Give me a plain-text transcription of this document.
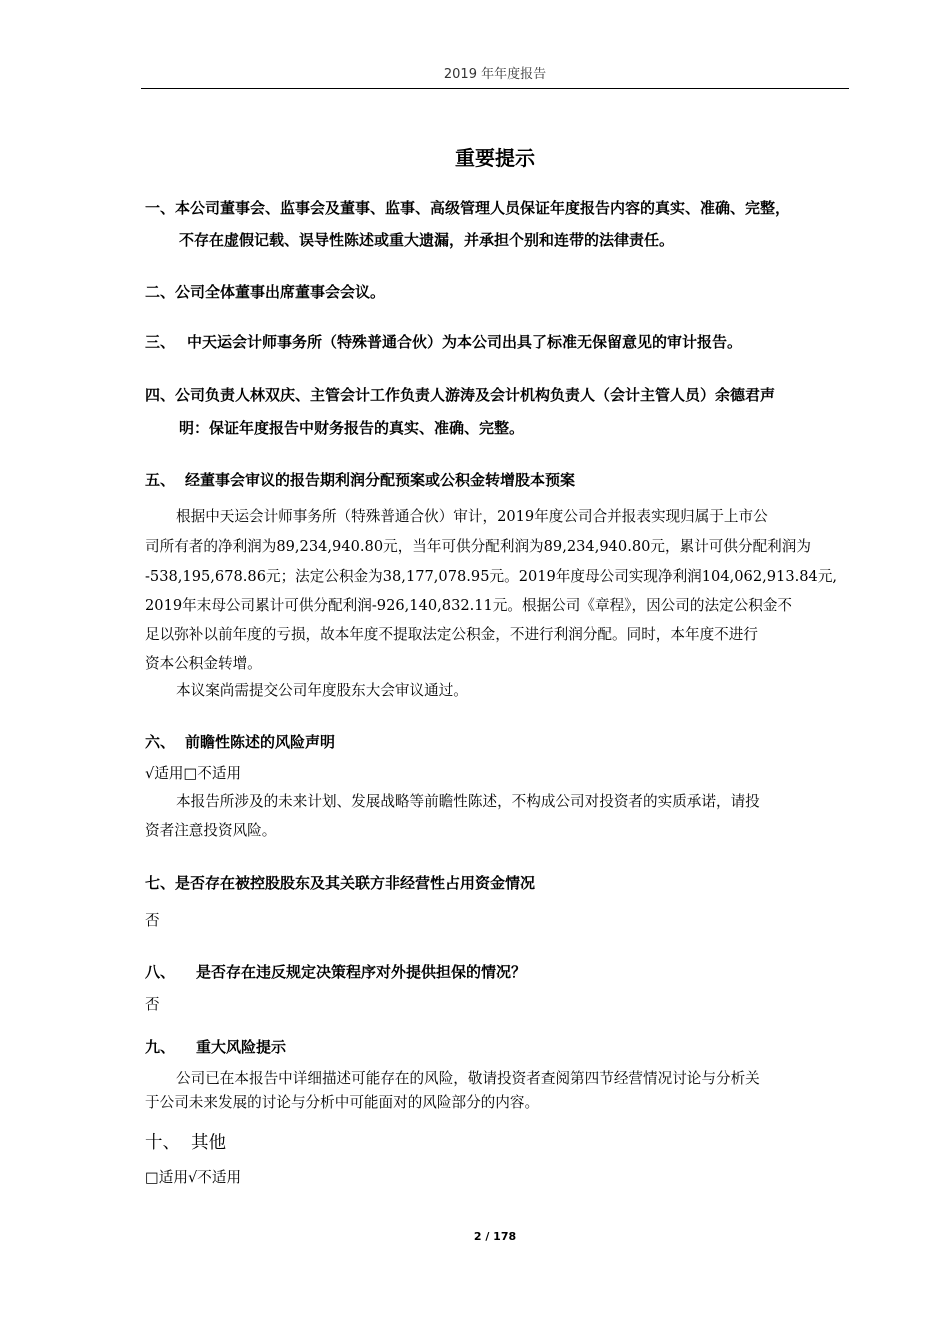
2019 年年度报告
重要提示
一、本公司董事会、监事会及董事、监事、高级管理人员保证年度报告内容的真实、准确、完整，
不存在虚假记载、误导性陈述或重大遗漏，并承担个别和连带的法律责任。
二、公司全体董事出席董事会会议。
三、 中天运会计师事务所（特殊普通合伙）为本公司出具了标准无保留意见的审计报告。
四、公司负责人林双庆、主管会计工作负责人游涛及会计机构负责人（会计主管人员）余德君声
明：保证年度报告中财务报告的真实、准确、完整。
五、 经董事会审议的报告期利润分配预案或公积金转增股本预案
根据中天运会计师事务所（特殊普通合伙）审计，2019年度公司合并报表实现归属于上市公
司所有者的净利润为89,234,940.80元，当年可供分配利润为89,234,940.80元，累计可供分配利润为
-538,195,678.86元；法定公积金为38,177,078.95元。2019年度母公司实现净利润104,062,913.84元,
2019年末母公司累计可供分配利润-926,140,832.11元。根据公司《章程》，因公司的法定公积金不
足以弥补以前年度的亏损，故本年度不提取法定公积金，不进行利润分配。同时，本年度不进行
资本公积金转增。
本议案尚需提交公司年度股东大会审议通过。
六、 前瞻性陈述的风险声明
√适用□不适用
本报告所涉及的未来计划、发展战略等前瞻性陈述，不构成公司对投资者的实质承诺，请投
资者注意投资风险。
七、是否存在被控股股东及其关联方非经营性占用资金情况
否
八、 是否存在违反规定决策程序对外提供担保的情况？
否
九、 重大风险提示
公司已在本报告中详细描述可能存在的风险，敬请投资者查阅第四节经营情况讨论与分析关
于公司未来发展的讨论与分析中可能面对的风险部分的内容。
十、 其他
□适用√不适用
2 / 178
